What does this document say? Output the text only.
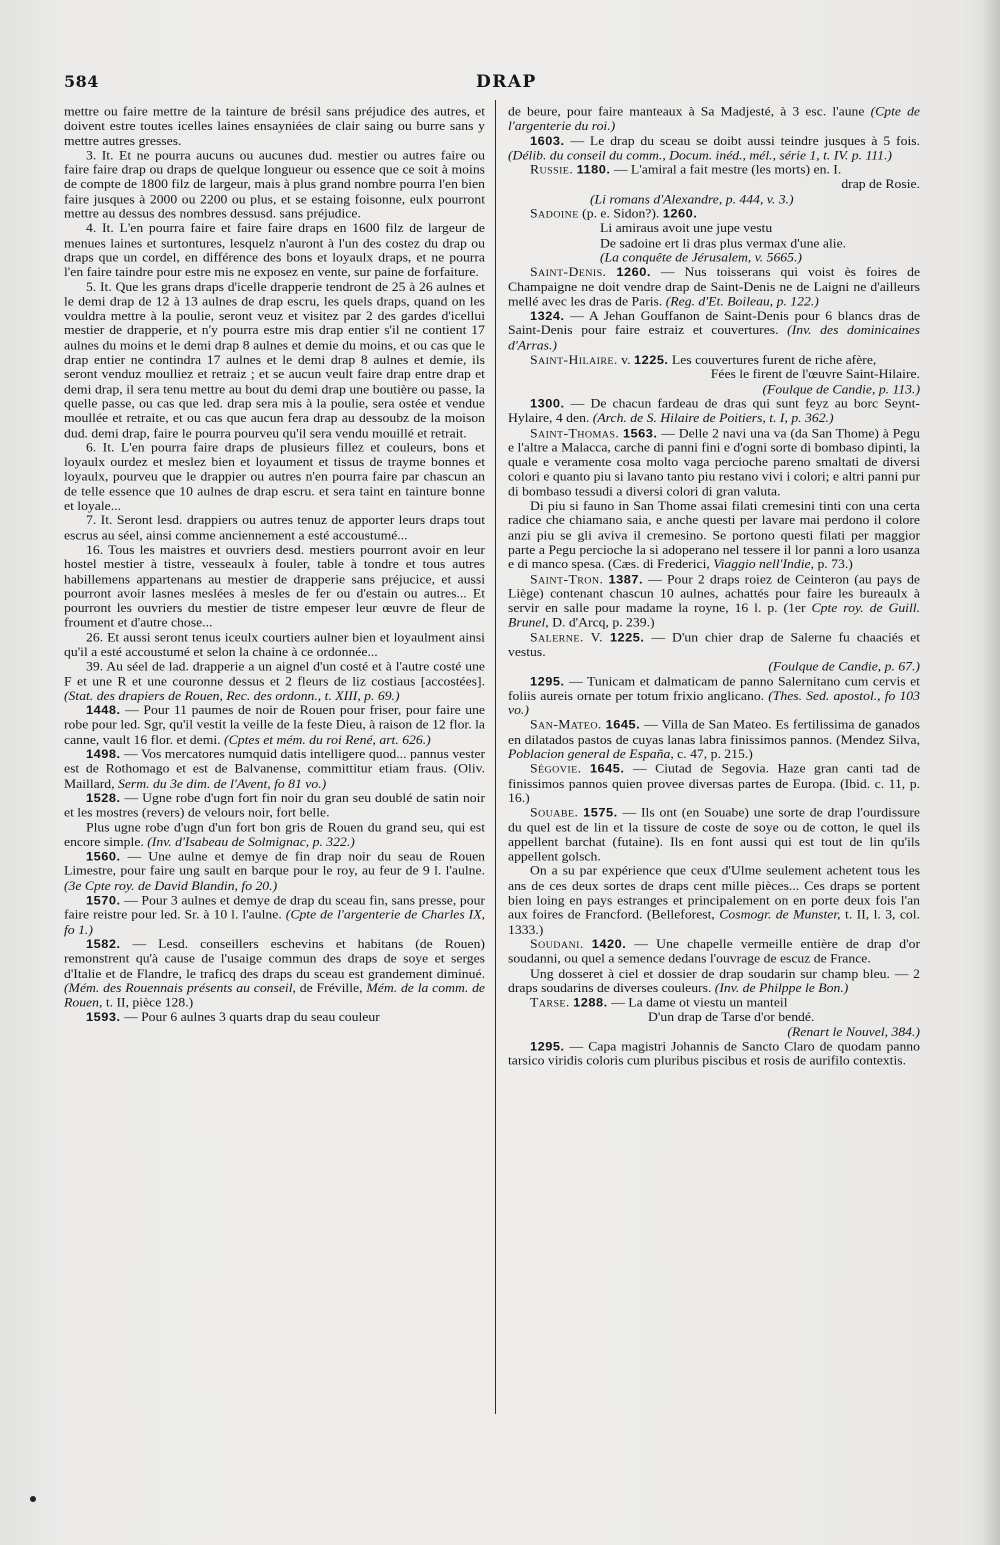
584	DRAP

mettre ou faire mettre de la tainture de brésil sans préjudice des autres, et doivent estre toutes icelles laines ensayniées de clair saing ou burre sans y mettre autres gresses.

3. It. Et ne pourra aucuns ou aucunes dud. mestier ou autres faire ou faire faire drap ou draps de quelque longueur ou essence que ce soit à moins de compte de 1800 filz de largeur, mais à plus grand nombre pourra l'en bien faire jusques à 2000 ou 2200 ou plus, et se estaing foisonne, eulx pourront mettre au dessus des nombres dessusd. sans préjudice.

4. It. L'en pourra faire et faire faire draps en 1600 filz de largeur de menues laines et surtontures, lesquelz n'auront à l'un des costez du drap ou draps que un cordel, en différence des bons et loyaulx draps, et ne pourra l'en faire taindre pour estre mis ne exposez en vente, sur paine de forfaiture.

5. It. Que les grans draps d'icelle drapperie tendront de 25 à 26 aulnes et le demi drap de 12 à 13 aulnes de drap escru, les quels draps, quand on les vouldra mettre à la poulie, seront veuz et visitez par 2 des gardes d'icellui mestier de drapperie, et n'y pourra estre mis drap entier s'il ne contient 17 aulnes du moins et le demi drap 8 aulnes et demie du moins, et ou cas que le drap entier ne contindra 17 aulnes et le demi drap 8 aulnes et demie, ils seront venduz moulliez et retraiz ; et se aucun veult faire drap entre drap et demi drap, il sera tenu mettre au bout du demi drap une boutière ou passe, la quelle passe, ou cas que led. drap sera mis à la poulie, sera ostée et vendue moullée et retraite, et ou cas que aucun fera drap au dessoubz de la moison dud. demi drap, faire le pourra pourveu qu'il sera vendu mouillé et retrait.

6. It. L'en pourra faire draps de plusieurs fillez et couleurs, bons et loyaulx ourdez et meslez bien et loyaument et tissus de trayme bonnes et loyaulx, pourveu que le drappier ou autres n'en pourra faire par chascun an de telle essence que 10 aulnes de drap escru. et sera taint en tainture bonne et loyale...

7. It. Seront lesd. drappiers ou autres tenuz de apporter leurs draps tout escrus au séel, ainsi comme anciennement a esté accoustumé...

16. Tous les maistres et ouvriers desd. mestiers pourront avoir en leur hostel mestier à tistre, vesseaulx à fouler, table à tondre et tous autres habillemens appartenans au mestier de drapperie sans préjucice, et aussi pourront avoir lasnes meslées à mesles de fer ou d'estain ou autres... Et pourront les ouvriers du mestier de tistre empeser leur œuvre de fleur de froument et d'autre chose...

26. Et aussi seront tenus iceulx courtiers aulner bien et loyaulment ainsi qu'il a esté accoustumé et selon la chaine à ce ordonnée...

39. Au séel de lad. drapperie a un aignel d'un costé et à l'autre costé une F et une R et une couronne dessus et 2 fleurs de liz costiaus [accostées]. (Stat. des drapiers de Rouen, Rec. des ordonn., t. XIII, p. 69.)

1448. — Pour 11 paumes de noir de Rouen pour friser, pour faire une robe pour led. Sgr, qu'il vestit la veille de la feste Dieu, à raison de 12 flor. la canne, vault 16 flor. et demi. (Cptes et mém. du roi René, art. 626.)

1498. — Vos mercatores numquid datis intelligere quod... pannus vester est de Rothomago et est de Balvanense, committitur etiam fraus. (Oliv. Maillard, Serm. du 3e dim. de l'Avent, fo 81 vo.)

1528. — Ugne robe d'ugn fort fin noir du gran seu doublé de satin noir et les mostres (revers) de velours noir, fort belle.

Plus ugne robe d'ugn d'un fort bon gris de Rouen du grand seu, qui est encore simple. (Inv. d'Isabeau de Solmignac, p. 322.)

1560. — Une aulne et demye de fin drap noir du seau de Rouen Limestre, pour faire ung sault en barque pour le roy, au feur de 9 l. l'aulne. (3e Cpte roy. de David Blandin, fo 20.)

1570. — Pour 3 aulnes et demye de drap du sceau fin, sans presse, pour faire reistre pour led. Sr. à 10 l. l'aulne. (Cpte de l'argenterie de Charles IX, fo 1.)

1582. — Lesd. conseillers eschevins et habitans (de Rouen) remonstrent qu'à cause de l'usaige commun des draps de soye et serges d'Italie et de Flandre, le traficq des draps du sceau est grandement diminué. (Mém. des Rouennais présents au conseil, de Fréville, Mém. de la comm. de Rouen, t. II, pièce 128.)

1593. — Pour 6 aulnes 3 quarts drap du seau couleur

de beure, pour faire manteaux à Sa Madjesté, à 3 esc. l'aune (Cpte de l'argenterie du roi.)

1603. — Le drap du sceau se doibt aussi teindre jusques à 5 fois. (Délib. du conseil du comm., Docum. inéd., mél., série 1, t. IV. p. 111.)

Russie. 1180. — L'amiral a fait mestre (les morts) en. I.

drap de Rosie.

(Li romans d'Alexandre, p. 444, v. 3.)

Sadoine (p. e. Sidon?). 1260.

Li amiraus avoit une jupe vestu

De sadoine ert li dras plus vermax d'une alie.

(La conquête de Jérusalem, v. 5665.)

Saint-Denis. 1260. — Nus toisserans qui voist ès foires de Champaigne ne doit vendre drap de Saint-Denis ne de Laigni ne d'ailleurs mellé avec les dras de Paris. (Reg. d'Et. Boileau, p. 122.)

1324. — A Jehan Gouffanon de Saint-Denis pour 6 blancs dras de Saint-Denis pour faire estraiz et couvertures. (Inv. des dominicaines d'Arras.)

Saint-Hilaire. v. 1225. Les couvertures furent de riche afère,

Fées le firent de l'œuvre Saint-Hilaire.

(Foulque de Candie, p. 113.)

1300. — De chacun fardeau de dras qui sunt feyz au borc Seynt-Hylaire, 4 den. (Arch. de S. Hilaire de Poitiers, t. I, p. 362.)

Saint-Thomas. 1563. — Delle 2 navi una va (da San Thome) à Pegu e l'altre a Malacca, carche di panni fini e d'ogni sorte di bombaso dipinti, la quale e veramente cosa molto vaga percioche pareno smaltati de diversi colori e quanto piu si lavano tanto piu restano vivi i colori; e altri panni pur di bombaso tessudi a diversi colori di gran valuta.

Di piu si fauno in San Thome assai filati cremesini tinti con una certa radice che chiamano saia, e anche questi per lavare mai perdono il colore anzi piu se gli aviva il cremesino. Se portono questi filati per maggior parte a Pegu percioche la si adoperano nel tessere il lor panni a loro usanza e di manco spesa. (Cæs. di Frederici, Viaggio nell'Indie, p. 73.)

Saint-Tron. 1387. — Pour 2 draps roiez de Ceinteron (au pays de Liège) contenant chascun 10 aulnes, achattés pour faire les bureaulx à servir en salle pour madame la royne, 16 l. p. (1er Cpte roy. de Guill. Brunel, D. d'Arcq, p. 239.)

Salerne. V. 1225. — D'un chier drap de Salerne fu chaaciés et vestus.

(Foulque de Candie, p. 67.)

1295. — Tunicam et dalmaticam de panno Salernitano cum cervis et foliis aureis ornate per totum frixio anglicano. (Thes. Sed. apostol., fo 103 vo.)

San-Mateo. 1645. — Villa de San Mateo. Es fertilissima de ganados en dilatados pastos de cuyas lanas labra finissimos pannos. (Mendez Silva, Poblacion general de España, c. 47, p. 215.)

Ségovie. 1645. — Ciutad de Segovia. Haze gran canti tad de finissimos pannos quien provee diversas partes de Europa. (Ibid. c. 11, p. 16.)

Souabe. 1575. — Ils ont (en Souabe) une sorte de drap l'ourdissure du quel est de lin et la tissure de coste de soye ou de cotton, le quel ils appellent barchat (futaine). Ils en font aussi qui est tout de lin qu'ils appellent golsch.

On a su par expérience que ceux d'Ulme seulement achetent tous les ans de ces deux sortes de draps cent mille pièces... Ces draps se portent bien loing en pays estranges et principalement on en porte deux fois l'an aux foires de Francford. (Belleforest, Cosmogr. de Munster, t. II, l. 3, col. 1333.)

Soudani. 1420. — Une chapelle vermeille entière de drap d'or soudanni, ou quel a semence dedans l'ouvrage de escuz de France.

Ung dosseret à ciel et dossier de drap soudarin sur champ bleu. — 2 draps soudarins de diverses couleurs. (Inv. de Philppe le Bon.)

Tarse. 1288. — La dame ot viestu un manteil

D'un drap de Tarse d'or bendé.

(Renart le Nouvel, 384.)

1295. — Capa magistri Johannis de Sancto Claro de quodam panno tarsico viridis coloris cum pluribus piscibus et rosis de aurifilo contextis.
